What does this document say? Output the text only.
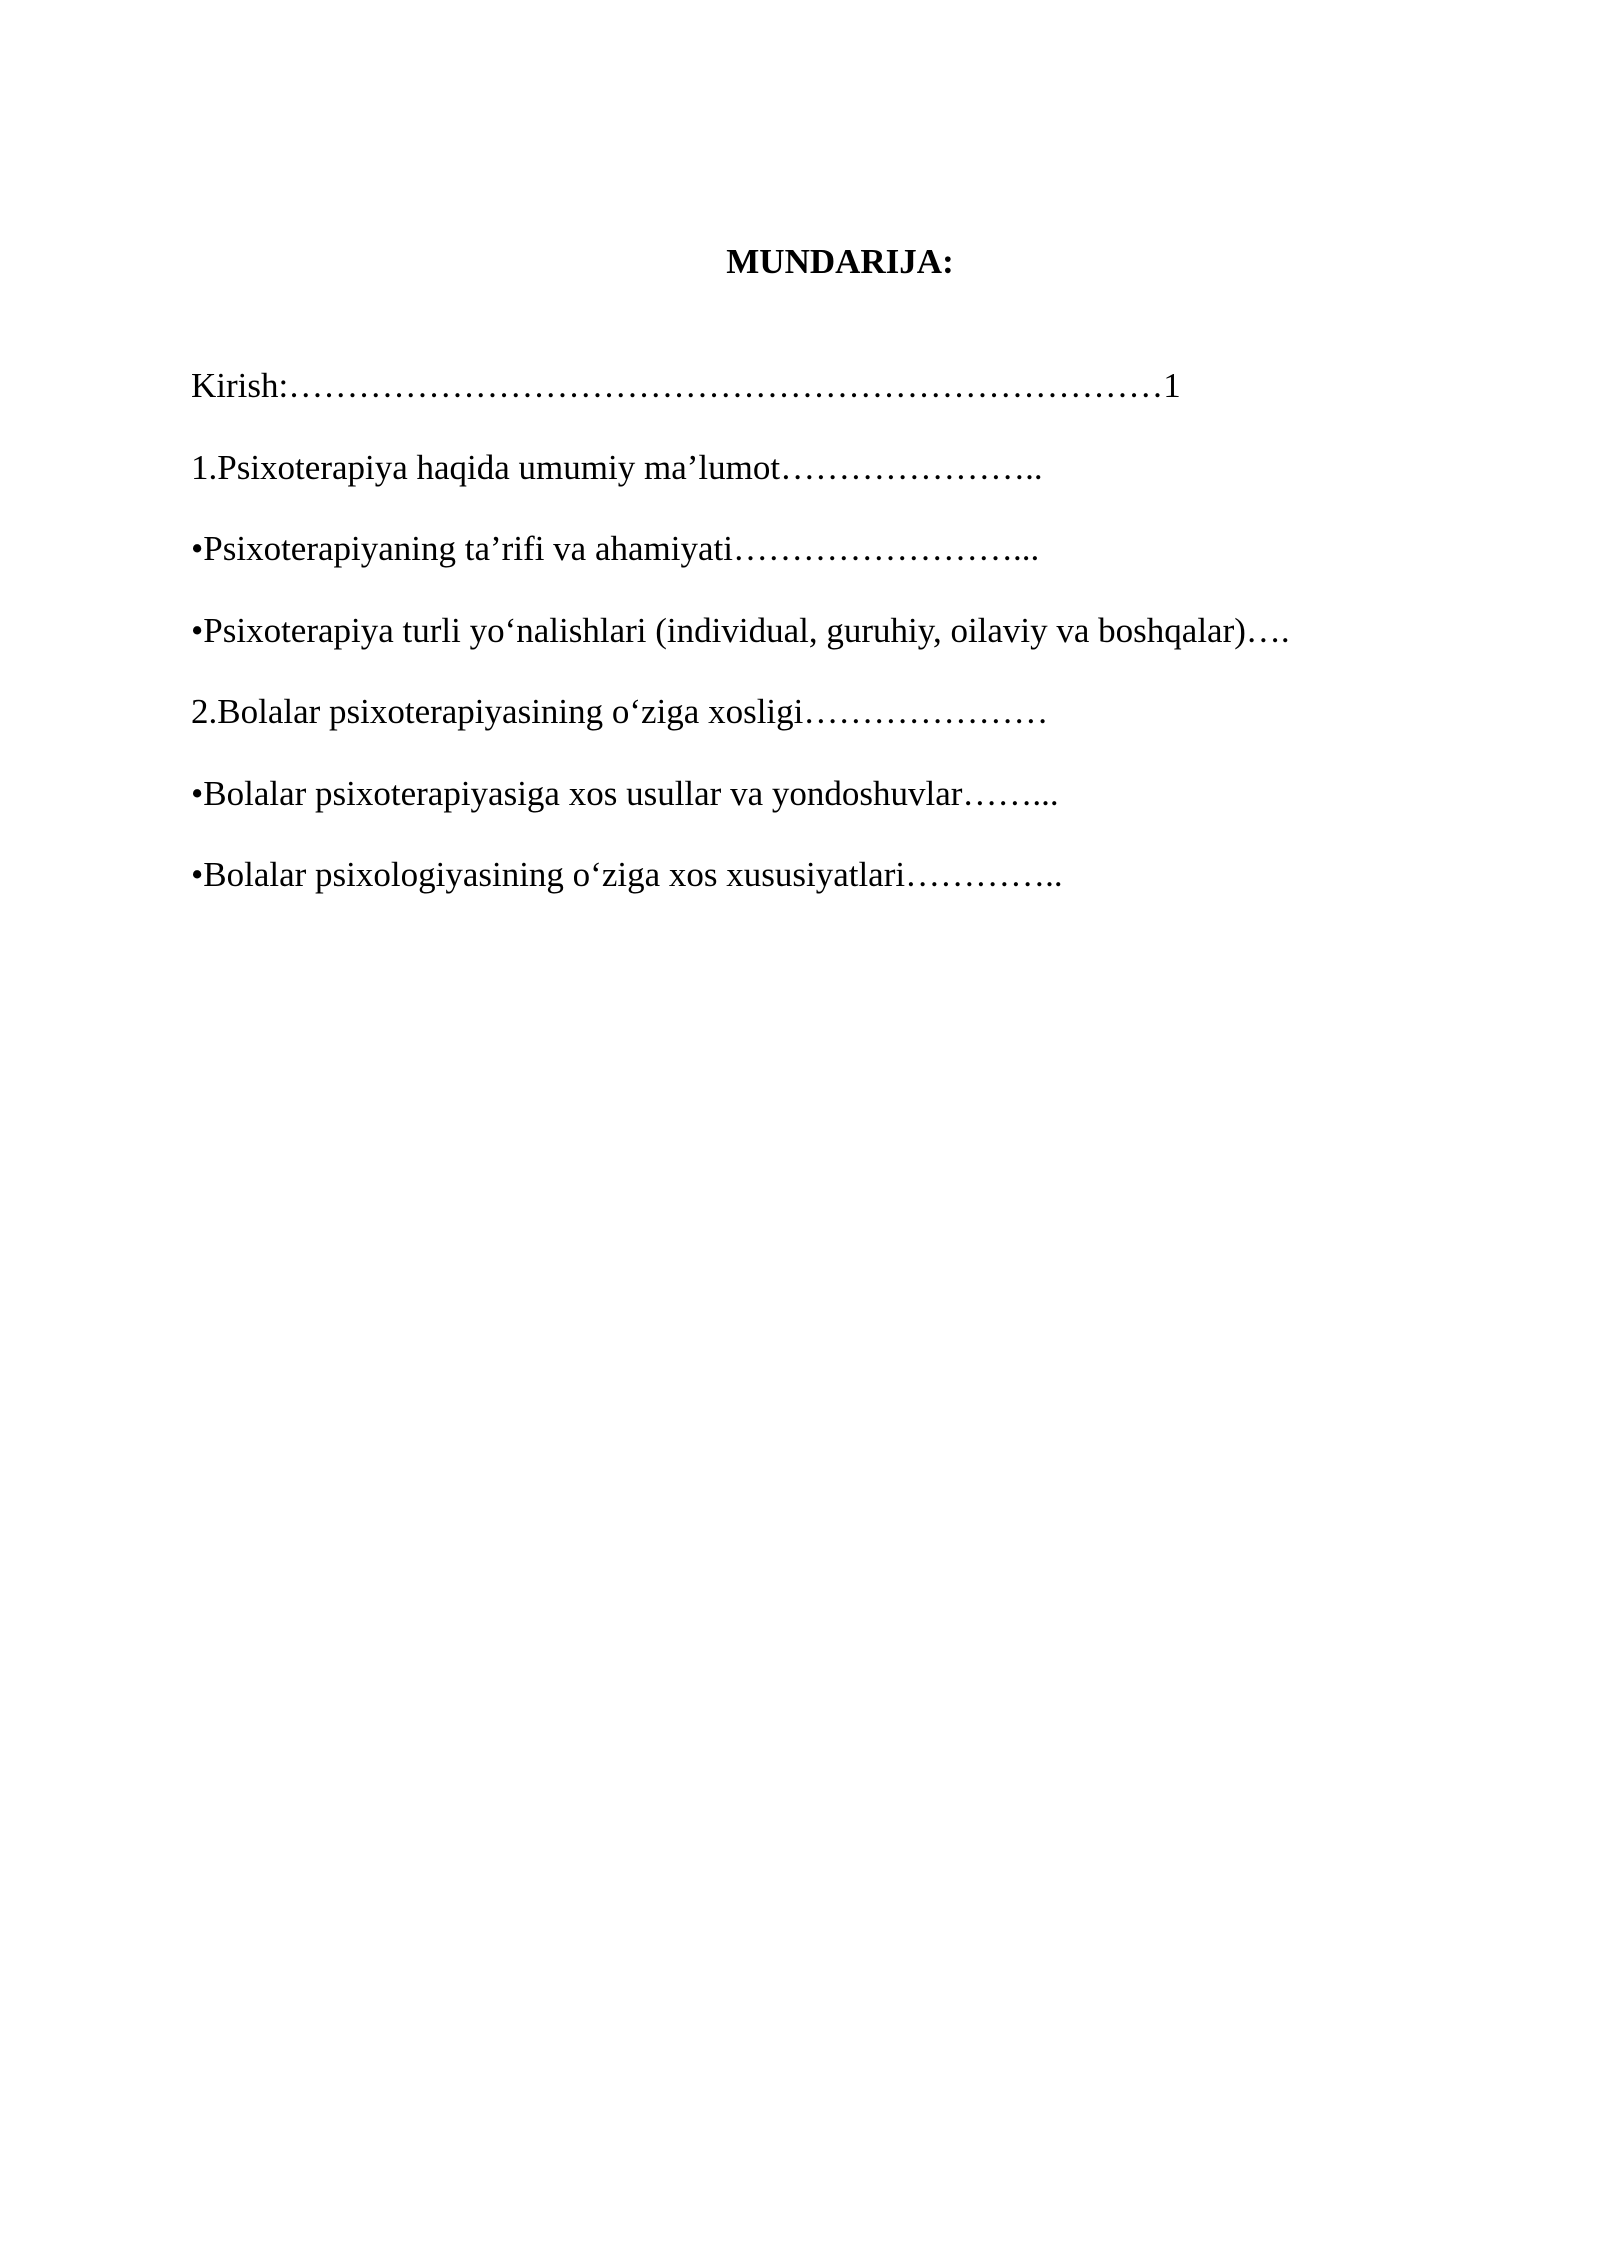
MUNDARIJA:
Kirish:…………………………………………………………………1
1.Psixoterapiya haqida umumiy ma’lumot…………………..
•Psixoterapiyaning ta’rifi va ahamiyati……………………...
•Psixoterapiya turli yo‘nalishlari (individual, guruhiy, oilaviy va boshqalar)….
2.Bolalar psixoterapiyasining o‘ziga xosligi…………………
•Bolalar psixoterapiyasiga xos usullar va yondoshuvlar……...
•Bolalar psixologiyasining o‘ziga xos xususiyatlari…………..
